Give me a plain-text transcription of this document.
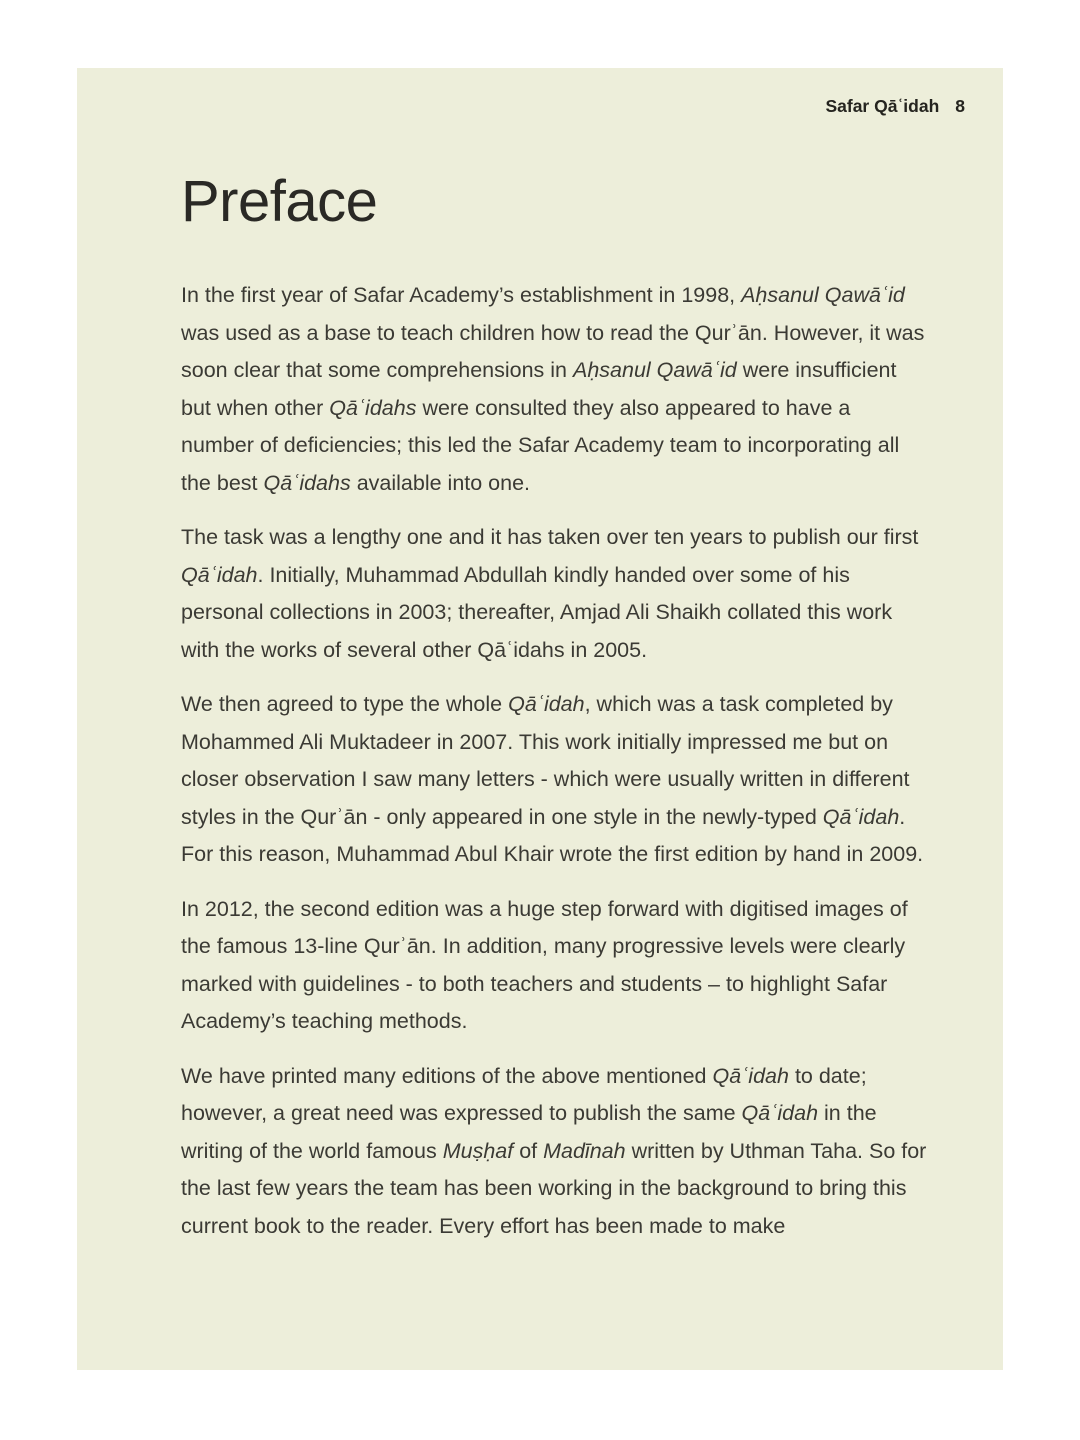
Safar Qāʿidah 8
Preface

In the first year of Safar Academy’s establishment in 1998, Aḥsanul Qawāʿid was used as a base to teach children how to read the Qurʾān. However, it was soon clear that some comprehensions in Aḥsanul Qawāʿid were insufficient but when other Qāʿidahs were consulted they also appeared to have a number of deficiencies; this led the Safar Academy team to incorporating all the best Qāʿidahs available into one.

The task was a lengthy one and it has taken over ten years to publish our first Qāʿidah. Initially, Muhammad Abdullah kindly handed over some of his personal collections in 2003; thereafter, Amjad Ali Shaikh collated this work with the works of several other Qāʿidahs in 2005.

We then agreed to type the whole Qāʿidah, which was a task completed by Mohammed Ali Muktadeer in 2007. This work initially impressed me but on closer observation I saw many letters - which were usually written in different styles in the Qurʾān - only appeared in one style in the newly-typed Qāʿidah. For this reason, Muhammad Abul Khair wrote the first edition by hand in 2009.

In 2012, the second edition was a huge step forward with digitised images of the famous 13-line Qurʾān. In addition, many progressive levels were clearly marked with guidelines - to both teachers and students – to highlight Safar Academy’s teaching methods.

We have printed many editions of the above mentioned Qāʿidah to date; however, a great need was expressed to publish the same Qāʿidah in the writing of the world famous Muṣḥaf of Madīnah written by Uthman Taha. So for the last few years the team has been working in the background to bring this current book to the reader. Every effort has been made to make
